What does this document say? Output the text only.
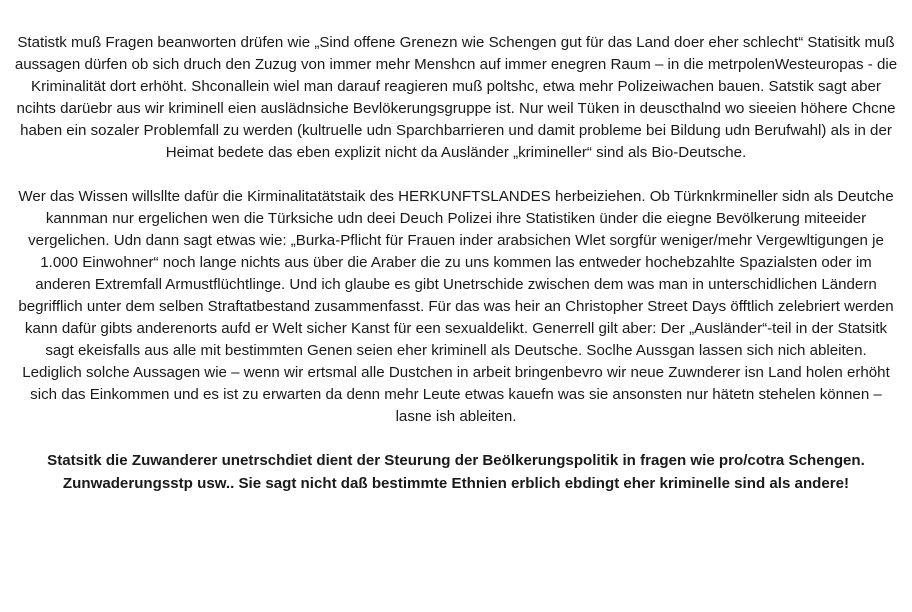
Statistk muß Fragen beanworten drüfen wie „Sind offene Grenezn wie Schengen gut für das Land doer eher schlecht“ Statisitk muß aussagen dürfen ob sich druch den Zuzug von immer mehr Menshcn auf immer enegren Raum – in die metrpolenWesteuropas - die Kriminalität dort erhöht. Shconallein wiel man darauf reagieren muß poltshc, etwa mehr Polizeiwachen bauen. Satstik sagt aber ncihts darüebr aus wir kriminell eien auslädnsiche Bevlökerungsgruppe ist. Nur weil Tüken in deuscthalnd wo sieeien höhere Chcne haben ein sozaler Problemfall zu werden (kultruelle udn Sparchbarrieren und damit probleme bei Bildung udn Berufwahl) als in der Heimat bedete das eben explizit nicht da Ausländer „krimineller“ sind als Bio-Deutsche.

Wer das Wissen willsllte dafür die Kirminalitatätstaik des HERKUNFTSLANDES herbeiziehen. Ob Türknkrmineller sidn als Deutche kannman nur ergelichen wen die Türksiche udn deei Deuch Polizei ihre Statistiken ünder die eiegne Bevölkerung miteeider vergelichen. Udn dann sagt etwas wie: „Burka-Pflicht für Frauen inder arabsichen Wlet sorgfür weniger/mehr Vergewltigungen je 1.000 Einwohner“ noch lange nichts aus über die Araber die zu uns kommen las entweder hochebzahlte Spazialsten oder im anderen Extremfall Armustflüchtlinge. Und ich glaube es gibt Unetrschide zwischen dem was man in unterschidlichen Ländern begrifflich unter dem selben Straftatbestand zusammenfasst. Für das was heir an Christopher Street Days öfftlich zelebriert werden kann dafür gibts anderenorts aufd er Welt sicher Kanst für een sexualdelikt. Generrell gilt aber: Der „Ausländer“-teil in der Statsitk sagt ekeisfalls aus alle mit bestimmten Genen seien eher kriminell als Deutsche. Soclhe Aussgan lassen sich nich ableiten. Lediglich solche Aussagen wie – wenn wir ertsmal alle Dustchen in arbeit bringenbevro wir neue Zuwnderer isn Land holen erhöht sich das Einkommen und es ist zu erwarten da denn mehr Leute etwas kauefn was sie ansonsten nur hätetn stehelen können – lasne ish ableiten.

Statsitk die Zuwanderer unetrschdiet dient der Steurung der Beölkerungspolitik in fragen wie pro/cotra Schengen. Zunwaderungsstp usw.. Sie sagt nicht daß bestimmte Ethnien erblich ebdingt eher kriminelle sind als andere!
